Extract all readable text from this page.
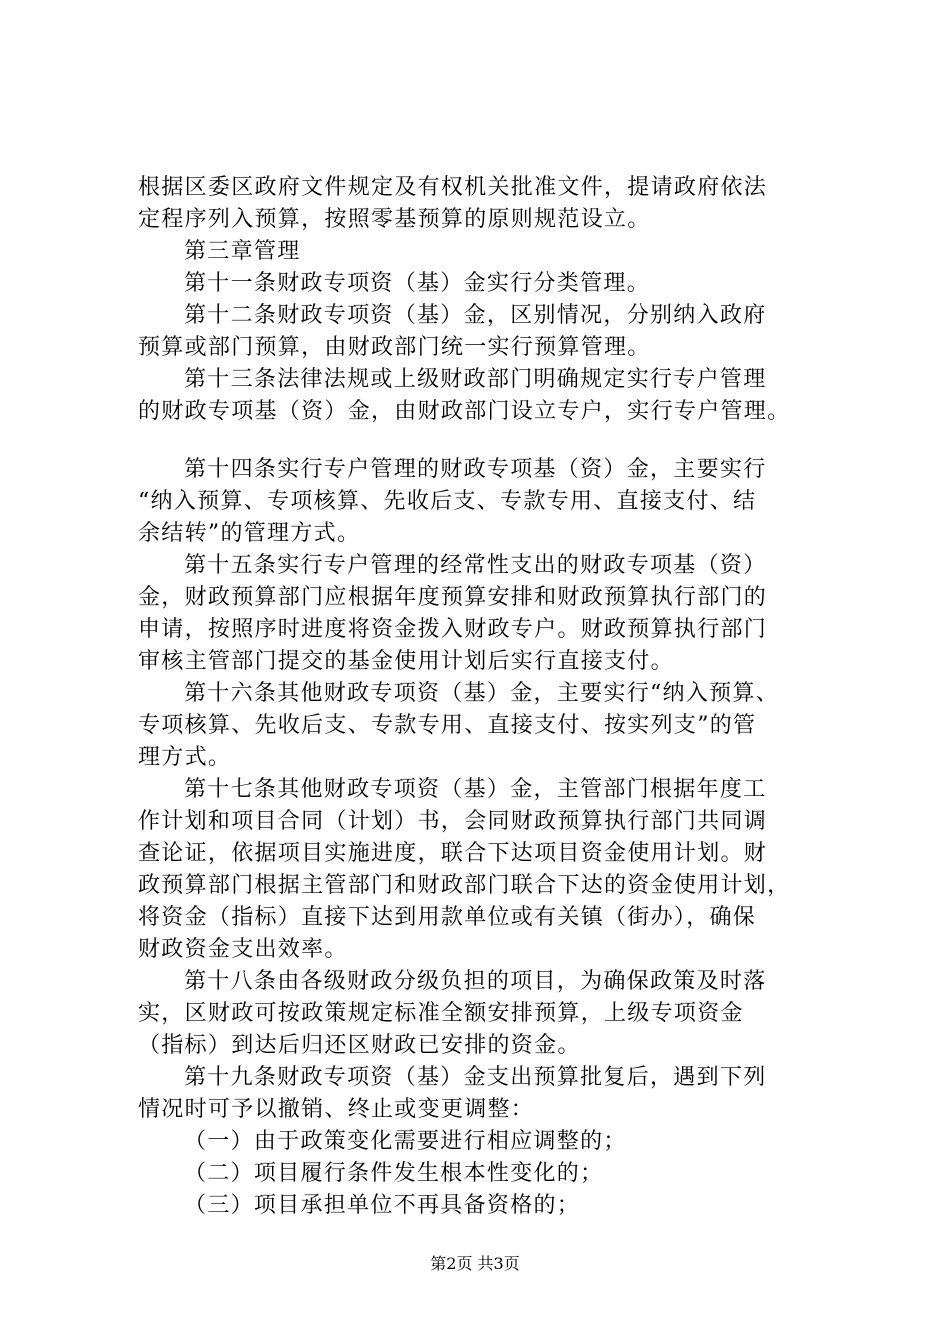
根据区委区政府文件规定及有权机关批准文件，提请政府依法
定程序列入预算，按照零基预算的原则规范设立。
第三章管理
第十一条财政专项资（基）金实行分类管理。
第十二条财政专项资（基）金，区别情况，分别纳入政府
预算或部门预算，由财政部门统一实行预算管理。
第十三条法律法规或上级财政部门明确规定实行专户管理
的财政专项基（资）金，由财政部门设立专户，实行专户管理。
第十四条实行专户管理的财政专项基（资）金，主要实行
“纳入预算、专项核算、先收后支、专款专用、直接支付、结
余结转”的管理方式。
第十五条实行专户管理的经常性支出的财政专项基（资）
金，财政预算部门应根据年度预算安排和财政预算执行部门的
申请，按照序时进度将资金拨入财政专户。财政预算执行部门
审核主管部门提交的基金使用计划后实行直接支付。
第十六条其他财政专项资（基）金，主要实行“纳入预算、
专项核算、先收后支、专款专用、直接支付、按实列支”的管
理方式。
第十七条其他财政专项资（基）金，主管部门根据年度工
作计划和项目合同（计划）书，会同财政预算执行部门共同调
查论证，依据项目实施进度，联合下达项目资金使用计划。财
政预算部门根据主管部门和财政部门联合下达的资金使用计划，
将资金（指标）直接下达到用款单位或有关镇（街办），确保
财政资金支出效率。
第十八条由各级财政分级负担的项目，为确保政策及时落
实，区财政可按政策规定标准全额安排预算，上级专项资金
（指标）到达后归还区财政已安排的资金。
第十九条财政专项资（基）金支出预算批复后，遇到下列
情况时可予以撤销、终止或变更调整：
（一）由于政策变化需要进行相应调整的；
（二）项目履行条件发生根本性变化的；
（三）项目承担单位不再具备资格的；
第2页 共3页
